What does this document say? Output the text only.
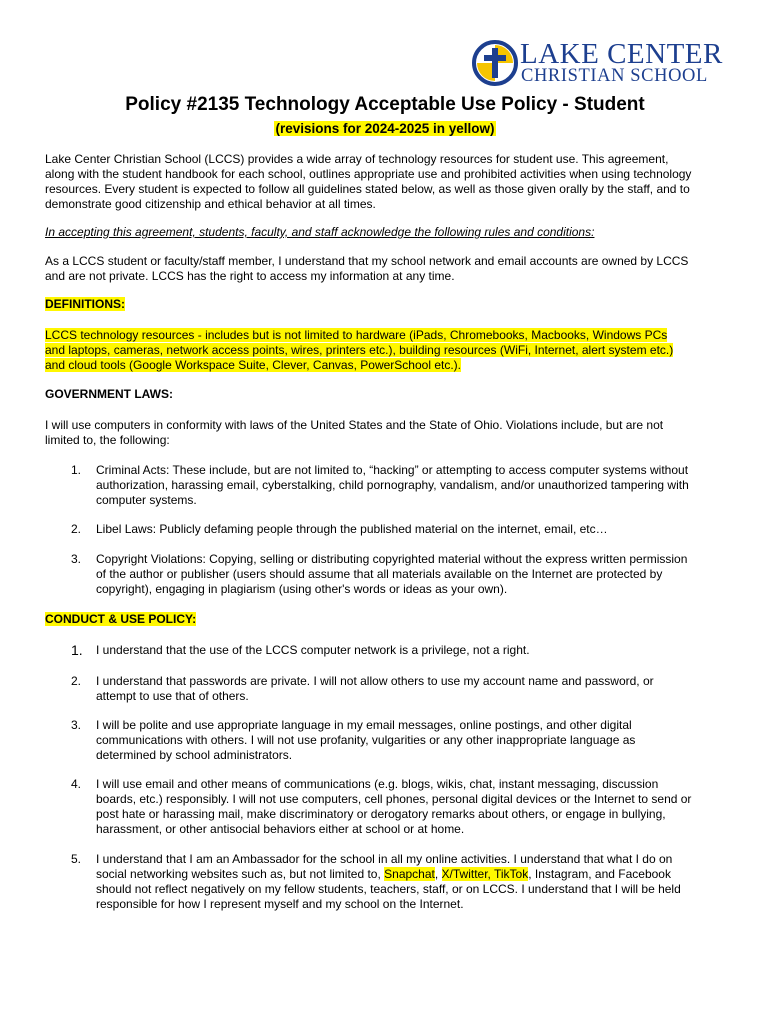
LAKE CENTER
CHRISTIAN SCHOOL
Policy #2135 Technology Acceptable Use Policy - Student
(revisions for 2024-2025 in yellow)
Lake Center Christian School (LCCS) provides a wide array of technology resources for student use. This agreement,
along with the student handbook for each school, outlines appropriate use and prohibited activities when using technology
resources. Every student is expected to follow all guidelines stated below, as well as those given orally by the staff, and to
demonstrate good citizenship and ethical behavior at all times.
In accepting this agreement, students, faculty, and staff acknowledge the following rules and conditions:
As a LCCS student or faculty/staff member, I understand that my school network and email accounts are owned by LCCS
and are not private. LCCS has the right to access my information at any time.
DEFINITIONS:
LCCS technology resources - includes but is not limited to hardware (iPads, Chromebooks, Macbooks, Windows PCs
and laptops, cameras, network access points, wires, printers etc.), building resources (WiFi, Internet, alert system etc.)
and cloud tools (Google Workspace Suite, Clever, Canvas, PowerSchool etc.).
GOVERNMENT LAWS:
I will use computers in conformity with laws of the United States and the State of Ohio. Violations include, but are not
limited to, the following:
1.	Criminal Acts: These include, but are not limited to, “hacking” or attempting to access computer systems without
authorization, harassing email, cyberstalking, child pornography, vandalism, and/or unauthorized tampering with
computer systems.
2.	Libel Laws: Publicly defaming people through the published material on the internet, email, etc…
3.	Copyright Violations: Copying, selling or distributing copyrighted material without the express written permission
of the author or publisher (users should assume that all materials available on the Internet are protected by
copyright), engaging in plagiarism (using other's words or ideas as your own).
CONDUCT & USE POLICY:
1. I understand that the use of the LCCS computer network is a privilege, not a right.
2.	I understand that passwords are private. I will not allow others to use my account name and password, or
attempt to use that of others.
3.	I will be polite and use appropriate language in my email messages, online postings, and other digital
communications with others. I will not use profanity, vulgarities or any other inappropriate language as
determined by school administrators.
4.	I will use email and other means of communications (e.g. blogs, wikis, chat, instant messaging, discussion
boards, etc.) responsibly. I will not use computers, cell phones, personal digital devices or the Internet to send or
post hate or harassing mail, make discriminatory or derogatory remarks about others, or engage in bullying,
harassment, or other antisocial behaviors either at school or at home.
5.	I understand that I am an Ambassador for the school in all my online activities. I understand that what I do on
social networking websites such as, but not limited to, Snapchat, X/Twitter, TikTok, Instagram, and Facebook
should not reflect negatively on my fellow students, teachers, staff, or on LCCS. I understand that I will be held
responsible for how I represent myself and my school on the Internet.
